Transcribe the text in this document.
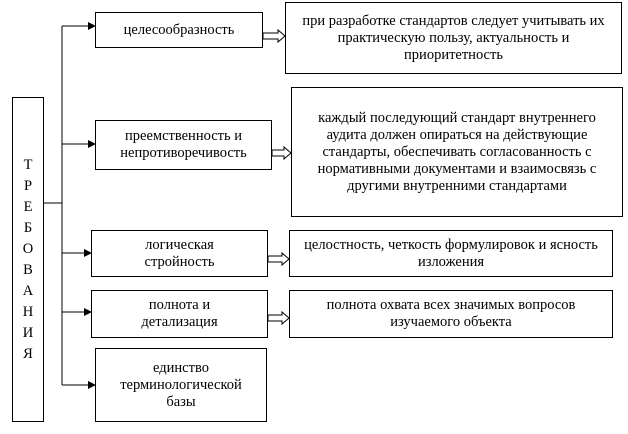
Т
Р
Е
Б
О
В
А
Н
И
Я
целесообразность
преемственность и непротиворечивость
логическая стройность
полнота и детализация
единство терминологической базы
при разработке стандартов следует учитывать их практическую пользу, актуальность и приоритетность
каждый последующий стандарт внутреннего аудита должен опираться на действующие стандарты, обеспечивать согласованность с нормативными документами и взаимосвязь с другими внутренними стандартами
целостность, четкость формулировок и ясность изложения
полнота охвата всех значимых вопросов изучаемого объекта
